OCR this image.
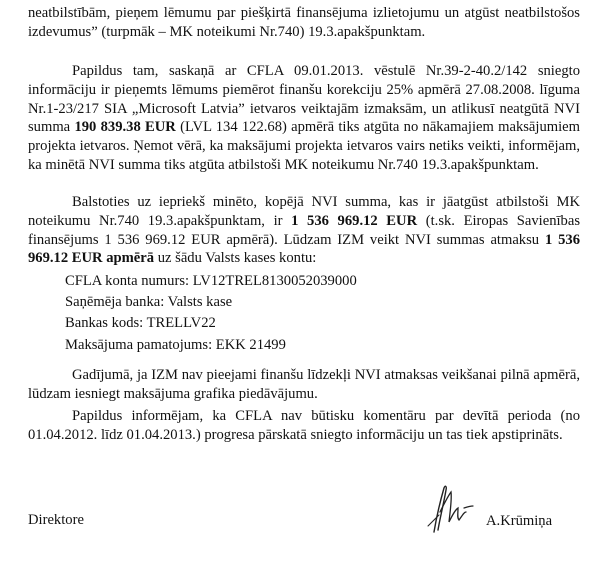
neatbilstībām, pieņem lēmumu par piešķirtā finansējuma izlietojumu un atgūst neatbilstošos izdevumus” (turpmāk – MK noteikumi Nr.740) 19.3.apakšpunktam.

Papildus tam, saskaņā ar CFLA 09.01.2013. vēstulē Nr.39-2-40.2/142 sniegto informāciju ir pieņemts lēmums piemērot finanšu korekciju 25% apmērā 27.08.2008. līguma Nr.1-23/217 SIA „Microsoft Latvia” ietvaros veiktajām izmaksām, un atlikusī neatgūtā NVI summa 190 839.38 EUR (LVL 134 122.68) apmērā tiks atgūta no nākamajiem maksājumiem projekta ietvaros. Ņemot vērā, ka maksājumi projekta ietvaros vairs netiks veikti, informējam, ka minētā NVI summa tiks atgūta atbilstoši MK noteikumu Nr.740 19.3.apakšpunktam.

Balstoties uz iepriekš minēto, kopējā NVI summa, kas ir jāatgūst atbilstoši MK noteikumu Nr.740 19.3.apakšpunktam, ir 1 536 969.12 EUR (t.sk. Eiropas Savienības finansējums 1 536 969.12 EUR apmērā). Lūdzam IZM veikt NVI summas atmaksu 1 536 969.12 EUR apmērā uz šādu Valsts kases kontu:

CFLA konta numurs: LV12TREL8130052039000

Saņēmēja banka: Valsts kase

Bankas kods: TRELLV22

Maksājuma pamatojums: EKK 21499

Gadījumā, ja IZM nav pieejami finanšu līdzekļi NVI atmaksas veikšanai pilnā apmērā, lūdzam iesniegt maksājuma grafika piedāvājumu.

Papildus informējam, ka CFLA nav būtisku komentāru par devītā perioda (no 01.04.2012. līdz 01.04.2013.) progresa pārskatā sniegto informāciju un tas tiek apstiprināts.

Direktore	A.Krūmiņa
